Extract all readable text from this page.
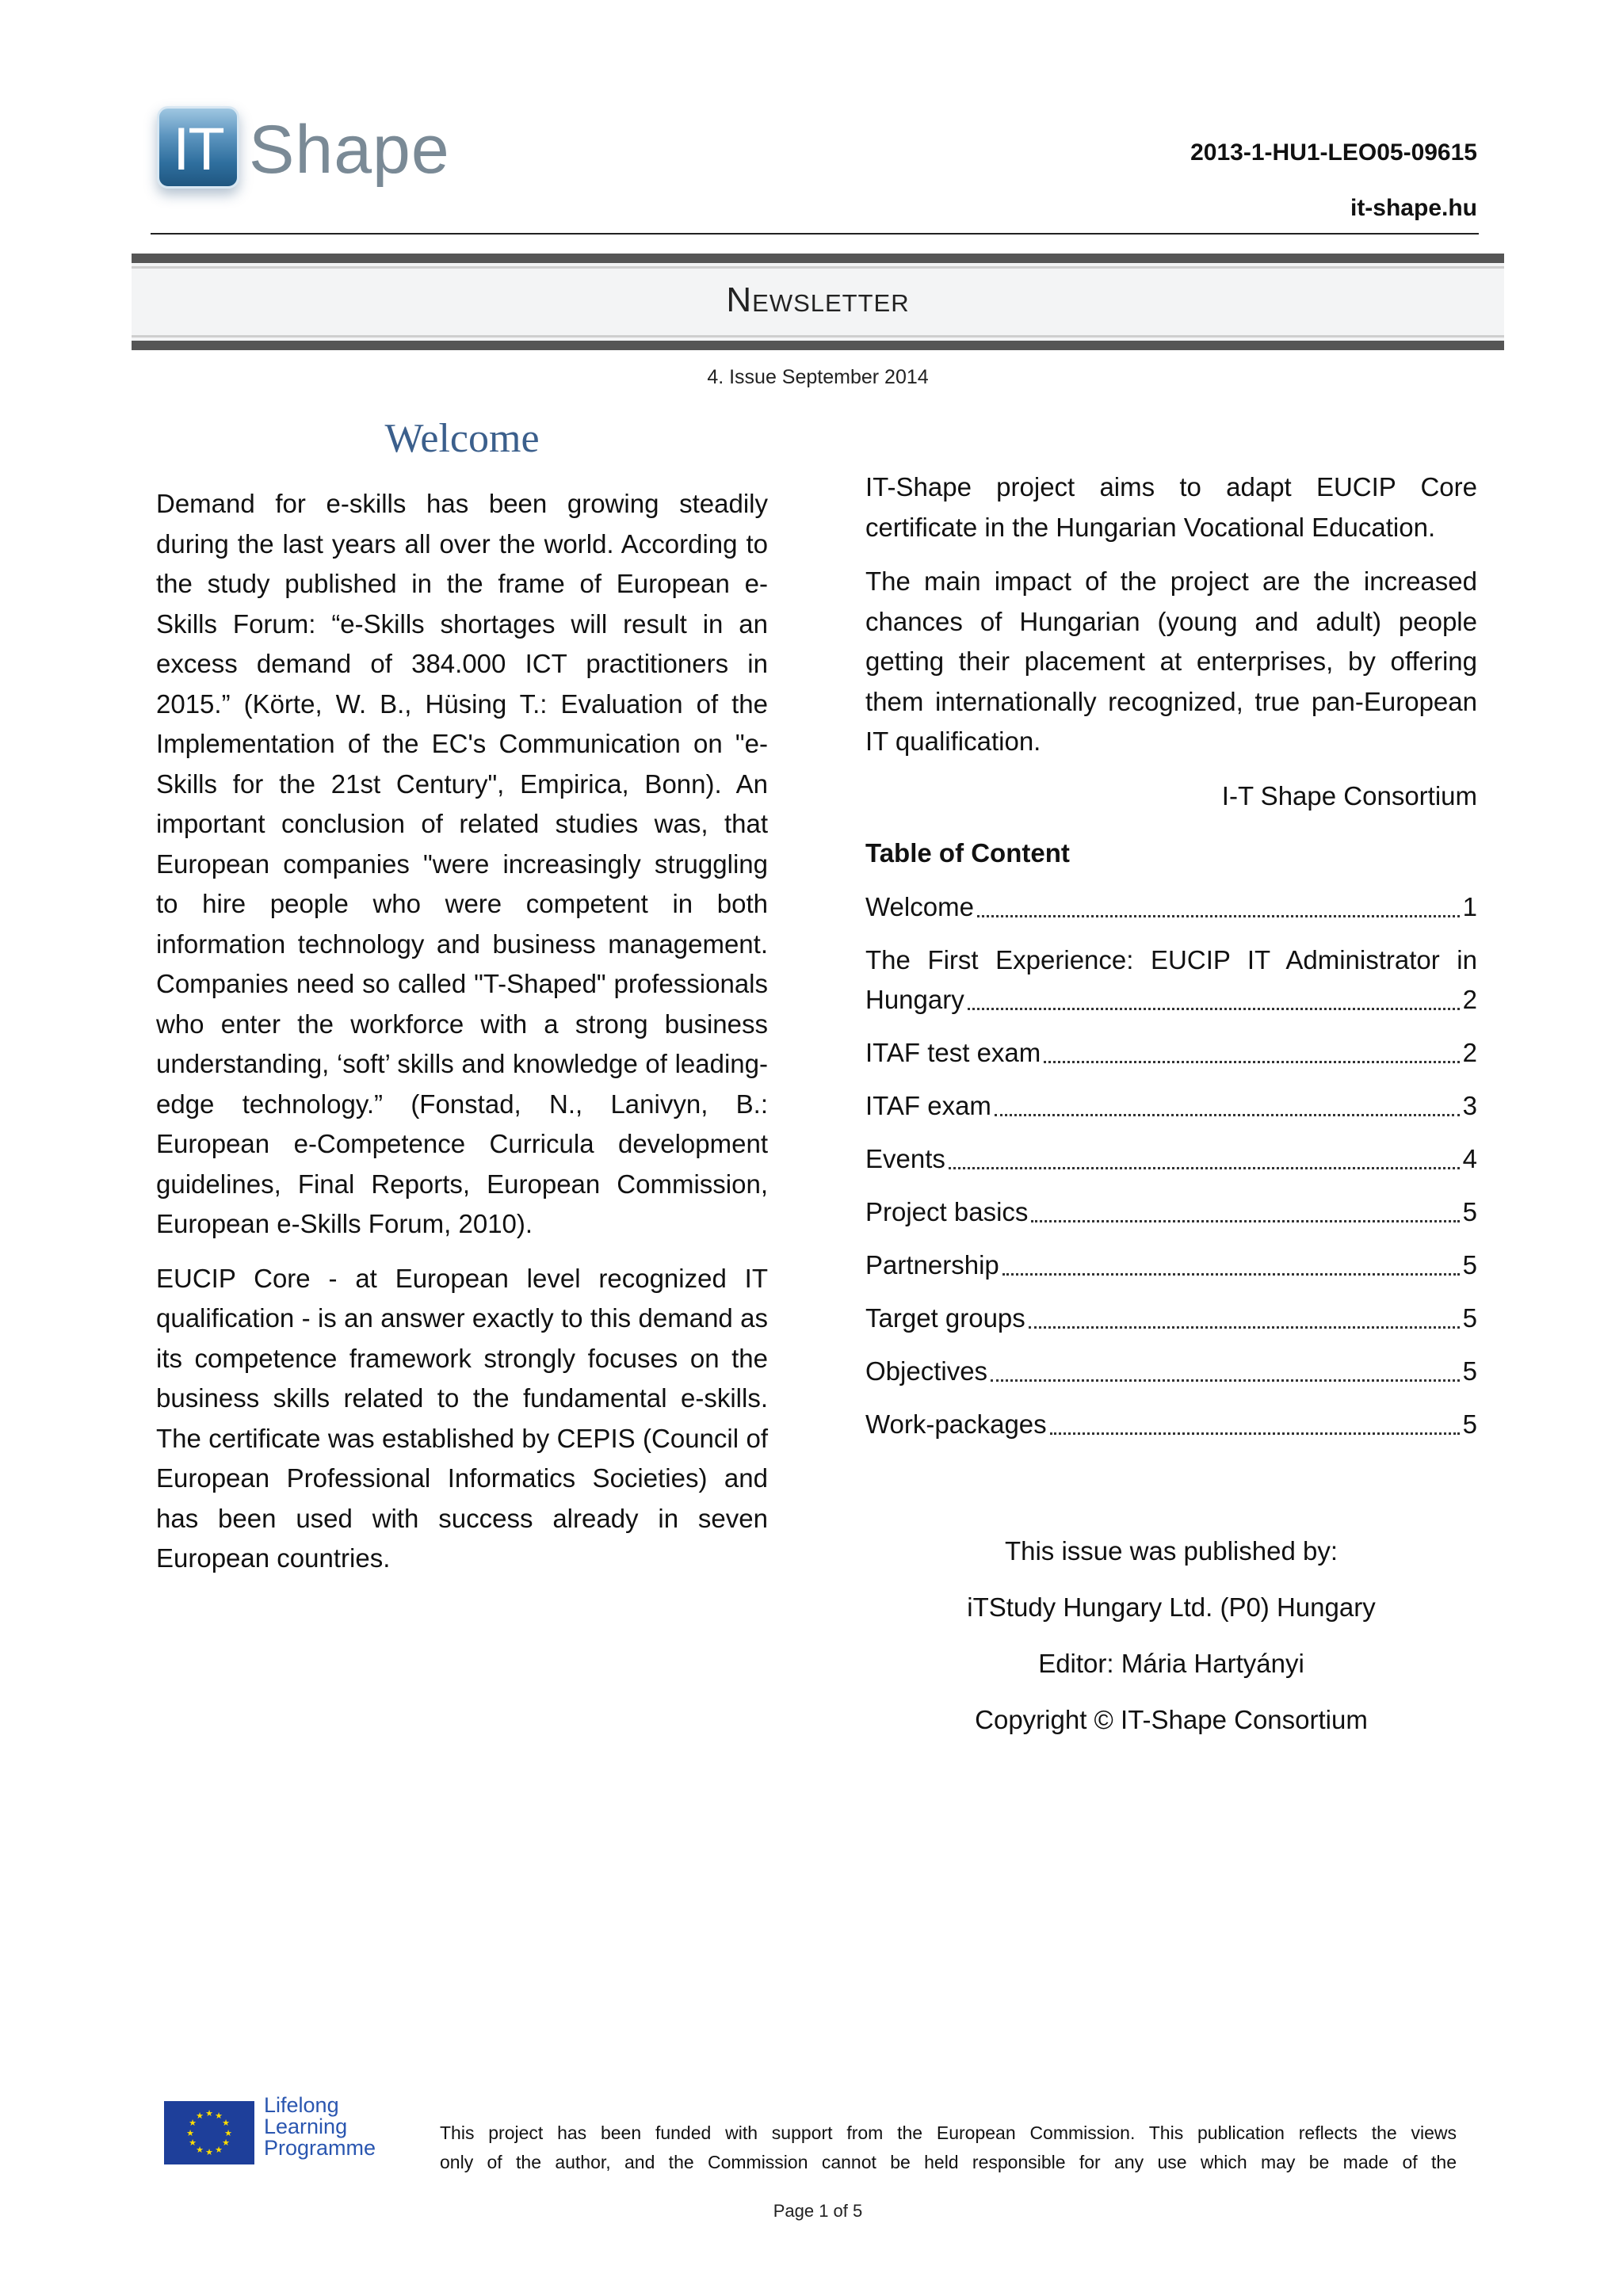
IT Shape	2013-1-HU1-LEO05-09615
it-shape.hu
Newsletter
4. Issue September 2014
Welcome

Demand for e-skills has been growing steadily during the last years all over the world. According to the study published in the frame of European e-Skills Forum: “e-Skills shortages will result in an excess demand of 384.000 ICT practitioners in 2015.” (Körte, W. B., Hüsing T.: Evaluation of the Implementation of the EC's Communication on "e-Skills for the 21st Century", Empirica, Bonn). An important conclusion of related studies was, that European companies "were increasingly struggling to hire people who were competent in both information technology and business management. Companies need so called "T-Shaped" professionals who enter the workforce with a strong business understanding, ‘soft’ skills and knowledge of leading-edge technology.” (Fonstad, N., Lanivyn, B.: European e-Competence Curricula development guidelines, Final Reports, European Commission, European e-Skills Forum, 2010).

EUCIP Core - at European level recognized IT qualification - is an answer exactly to this demand as its competence framework strongly focuses on the business skills related to the fundamental e-skills. The certificate was established by CEPIS (Council of European Professional Informatics Societies) and has been used with success already in seven European countries.

IT-Shape project aims to adapt EUCIP Core certificate in the Hungarian Vocational Education.

The main impact of the project are the increased chances of Hungarian (young and adult) people getting their placement at enterprises, by offering them internationally recognized, true pan-European IT qualification.

I-T Shape Consortium
Table of Content
Welcome	1
The First Experience: EUCIP IT Administrator in
Hungary	2
ITAF test exam	2
ITAF exam	3
Events	4
Project basics	5
Partnership	5
Target groups	5
Objectives	5
Work-packages	5
This issue was published by:
iTStudy Hungary Ltd. (P0) Hungary
Editor: Mária Hartyányi
Copyright © IT-Shape Consortium
★ ★
★
★
★
★
★
★
★
★
★
★	Lifelong
Learning
Programme
This project has been funded with support from the European Commission. This publication reflects the views
only of the author, and the Commission cannot be held responsible for any use which may be made of the
Page 1 of 5
